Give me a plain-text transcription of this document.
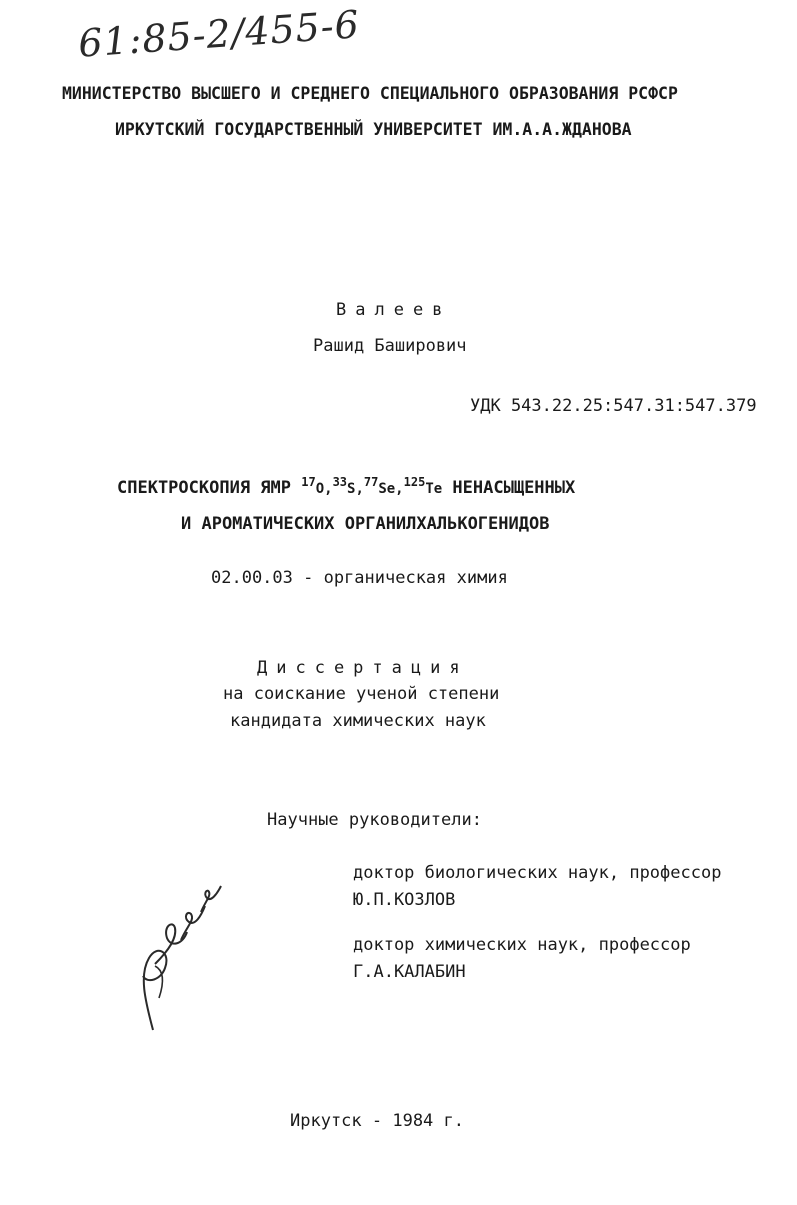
61:85-2/455-6
МИНИСТЕРСТВО ВЫСШЕГО И СРЕДНЕГО СПЕЦИАЛЬНОГО ОБРАЗОВАНИЯ РСФСР
ИРКУТСКИЙ ГОСУДАРСТВЕННЫЙ УНИВЕРСИТЕТ ИМ.А.А.ЖДАНОВА
Валеев
Рашид Баширович
УДК 543.22.25:547.31:547.379
СПЕКТРОСКОПИЯ ЯМР $^{17}$O,$^{33}$S,$^{77}$Se,$^{125}$Te НЕНАСЫЩЕННЫХ
И АРОМАТИЧЕСКИХ ОРГАНИЛХАЛЬКОГЕНИДОВ
02.00.03 - органическая химия
Диссертация
на соискание ученой степени
кандидата химических наук
Научные руководители:
доктор биологических наук, профессор
Ю.П.КОЗЛОВ
доктор химических наук, профессор
Г.А.КАЛАБИН
Иркутск - 1984 г.
